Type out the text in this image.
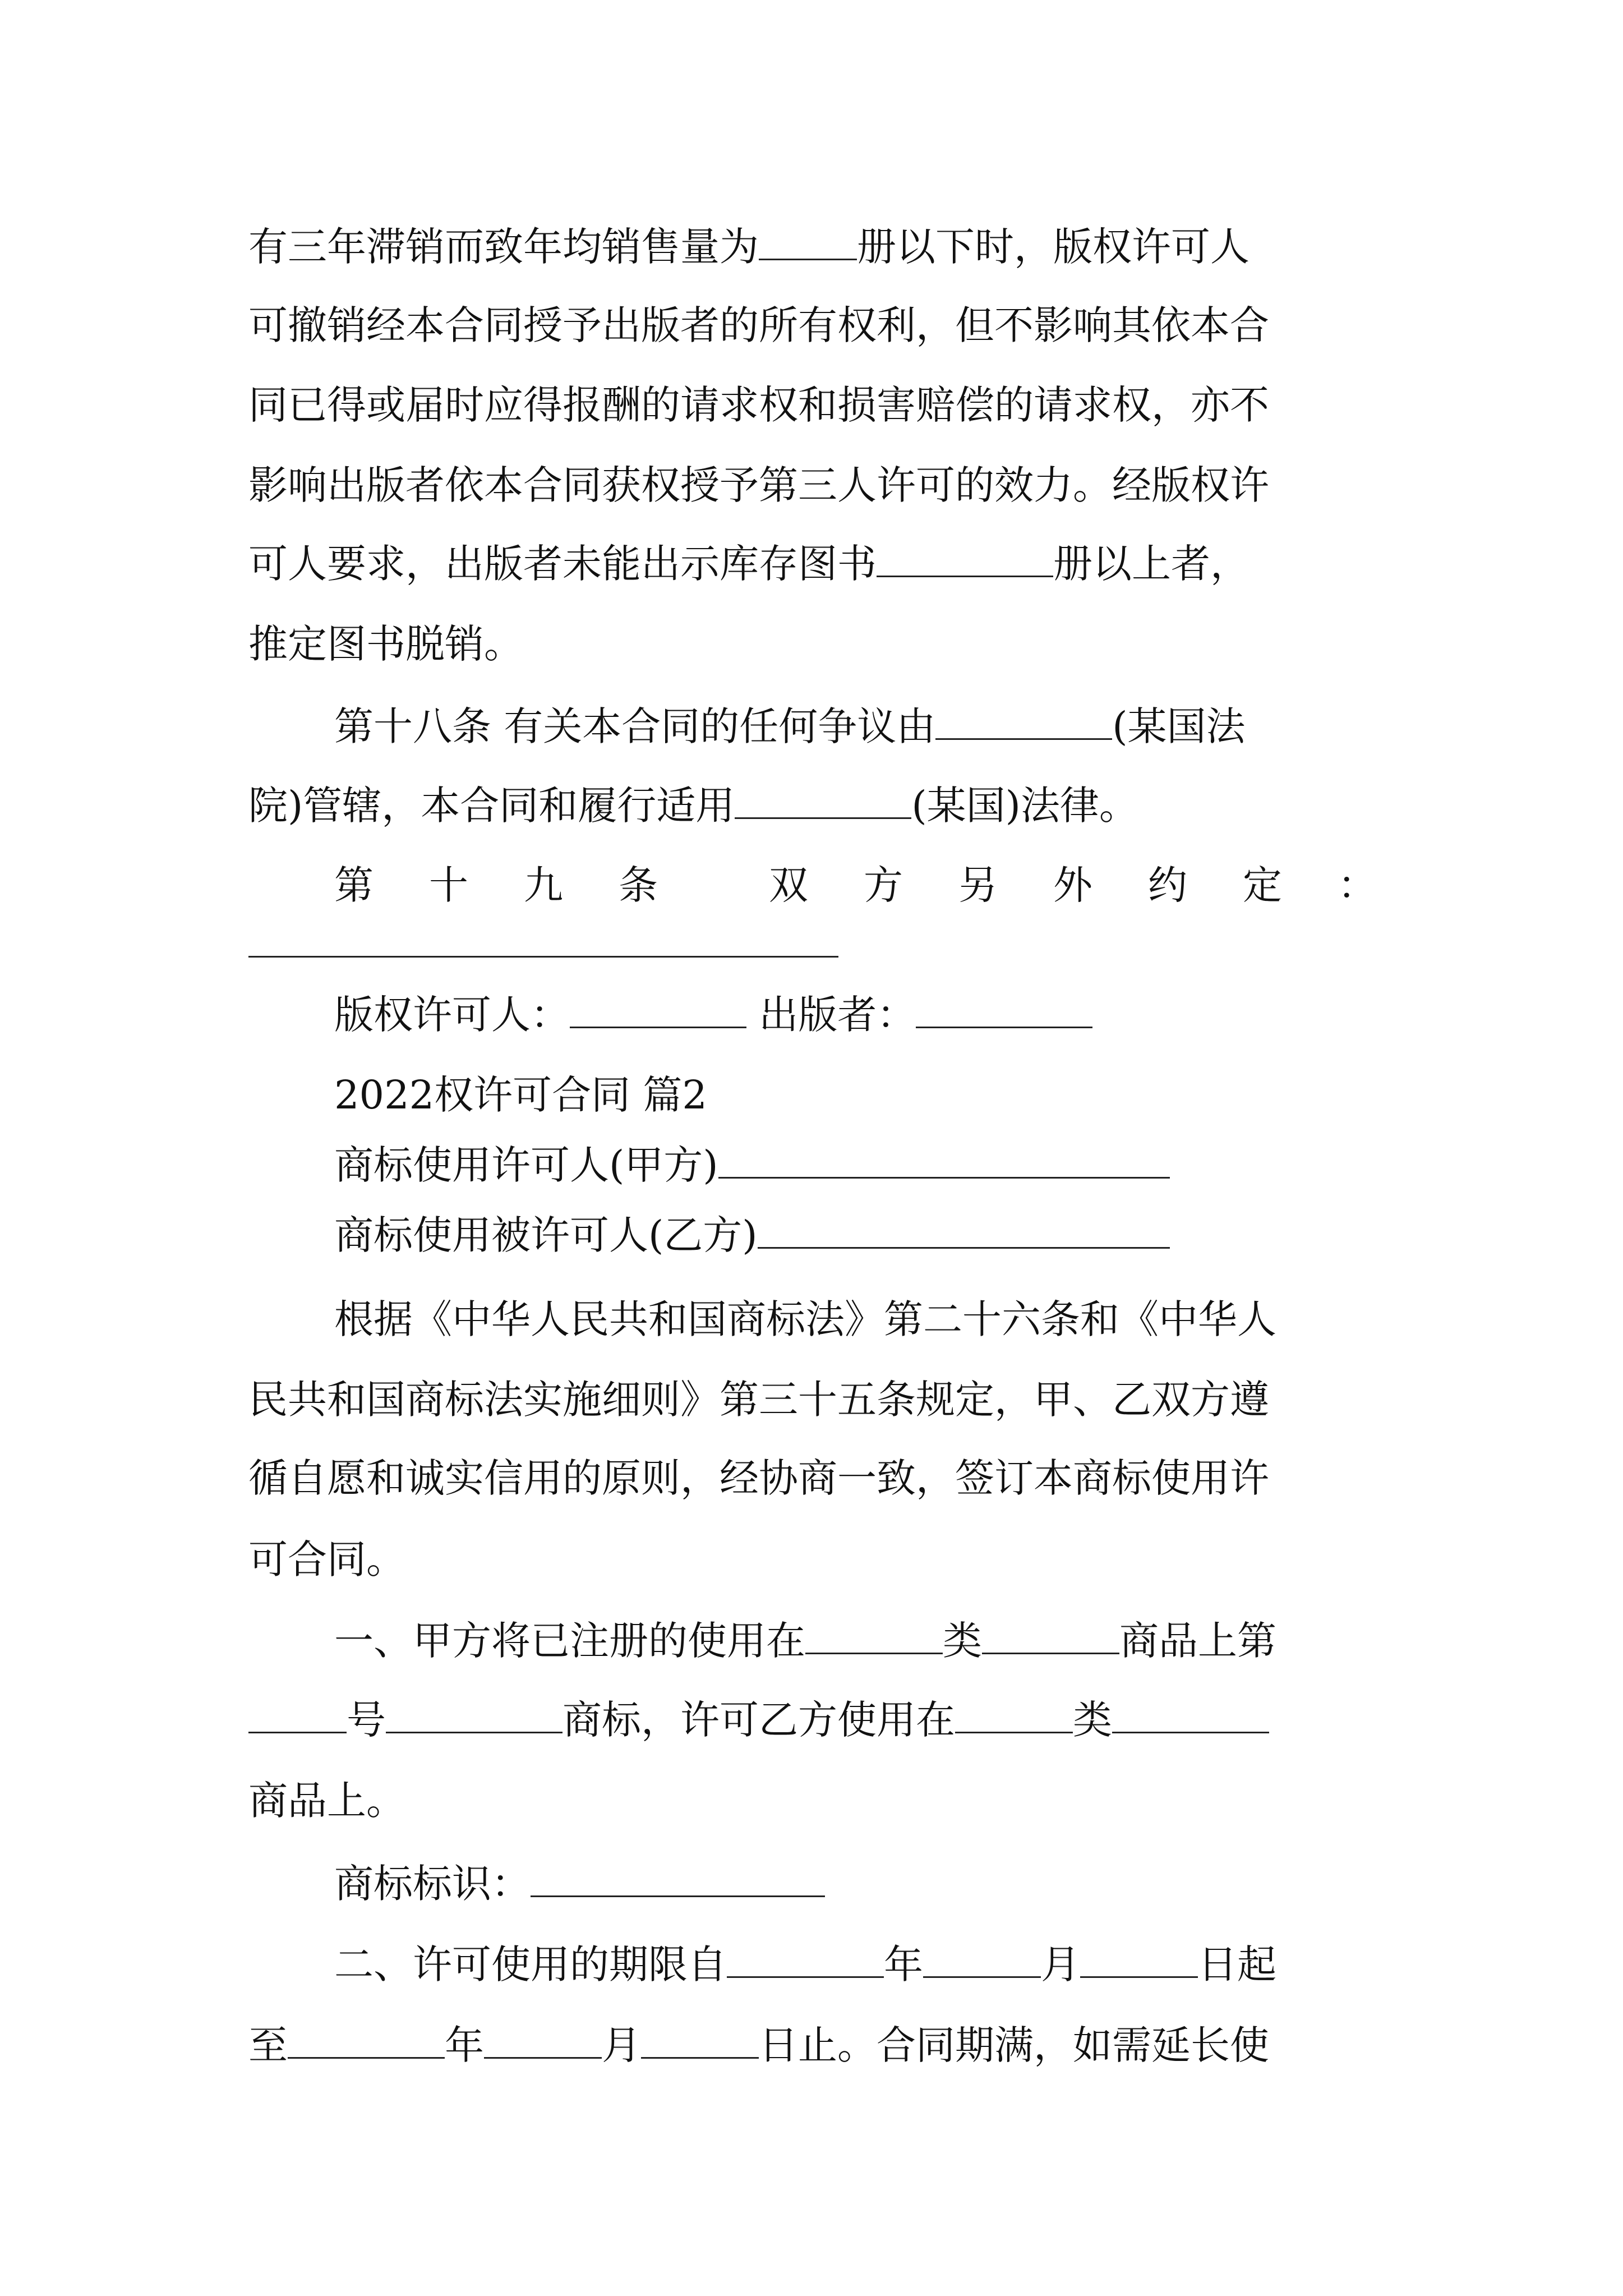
有三年滞销而致年均销售量为	册以下时，版权许可人
可撤销经本合同授予出版者的所有权利，但不影响其依本合
同已得或届时应得报酬的请求权和损害赔偿的请求权，亦不
影响出版者依本合同获权授予第三人许可的效力。经版权许
可人要求，出版者未能出示库存图书	册以上者，
推定图书脱销。
第十八条 有关本合同的任何争议由	(某国法
院)管辖，本合同和履行适用	(某国)法律。
第 十 九 条	双 方 另 外 约 定 ：
版权许可人：	出版者：
2022权许可合同 篇2
商标使用许可人(甲方)
商标使用被许可人(乙方)
根据《中华人民共和国商标法》第二十六条和《中华人
民共和国商标法实施细则》第三十五条规定，甲、乙双方遵
循自愿和诚实信用的原则，经协商一致，签订本商标使用许
可合同。
一、甲方将已注册的使用在	类	商品上第
号	商标，许可乙方使用在	类
商品上。
商标标识：
二、许可使用的期限自	年	月	日起
至	年	月	日止。合同期满，如需延长使
